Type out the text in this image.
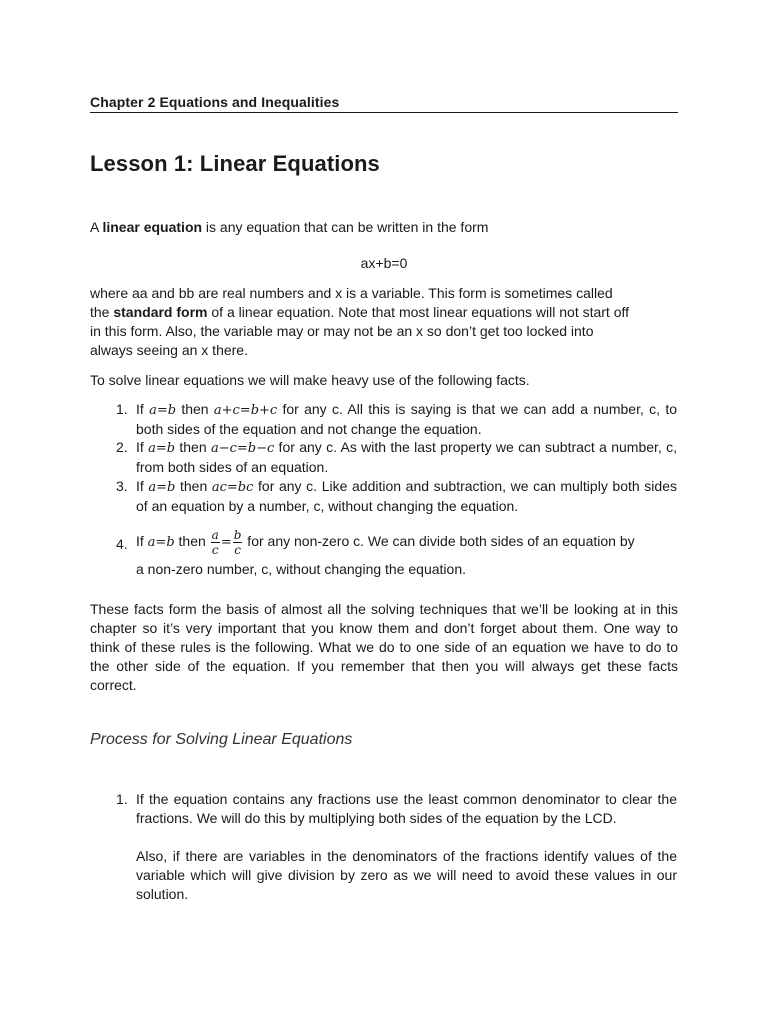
Chapter 2 Equations and Inequalities
Lesson 1: Linear Equations
A linear equation is any equation that can be written in the form
ax+b=0
where aa and bb are real numbers and x is a variable. This form is sometimes called
the standard form of a linear equation. Note that most linear equations will not start off
in this form. Also, the variable may or may not be an x so don’t get too locked into
always seeing an x there.
To solve linear equations we will make heavy use of the following facts.
1. If a=b then a+c=b+c for any c. All this is saying is that we can add a number, c, to both sides of the equation and not change the equation.
2. If a=b then a−c=b−c for any c. As with the last property we can subtract a number, c, from both sides of an equation.
3. If a=b then ac=bc for any c. Like addition and subtraction, we can multiply both sides of an equation by a number, c, without changing the equation.
4. If a=b then $\frac{a}{c} = \frac{b}{c}$ for any non-zero c. We can divide both sides of an equation by
a non-zero number, c, without changing the equation.
These facts form the basis of almost all the solving techniques that we’ll be looking at in this chapter so it’s very important that you know them and don’t forget about them. One way to think of these rules is the following. What we do to one side of an equation we have to do to the other side of the equation. If you remember that then you will always get these facts correct.
Process for Solving Linear Equations
1. If the equation contains any fractions use the least common denominator to clear the fractions. We will do this by multiplying both sides of the equation by the LCD.
Also, if there are variables in the denominators of the fractions identify values of the variable which will give division by zero as we will need to avoid these values in our solution.
